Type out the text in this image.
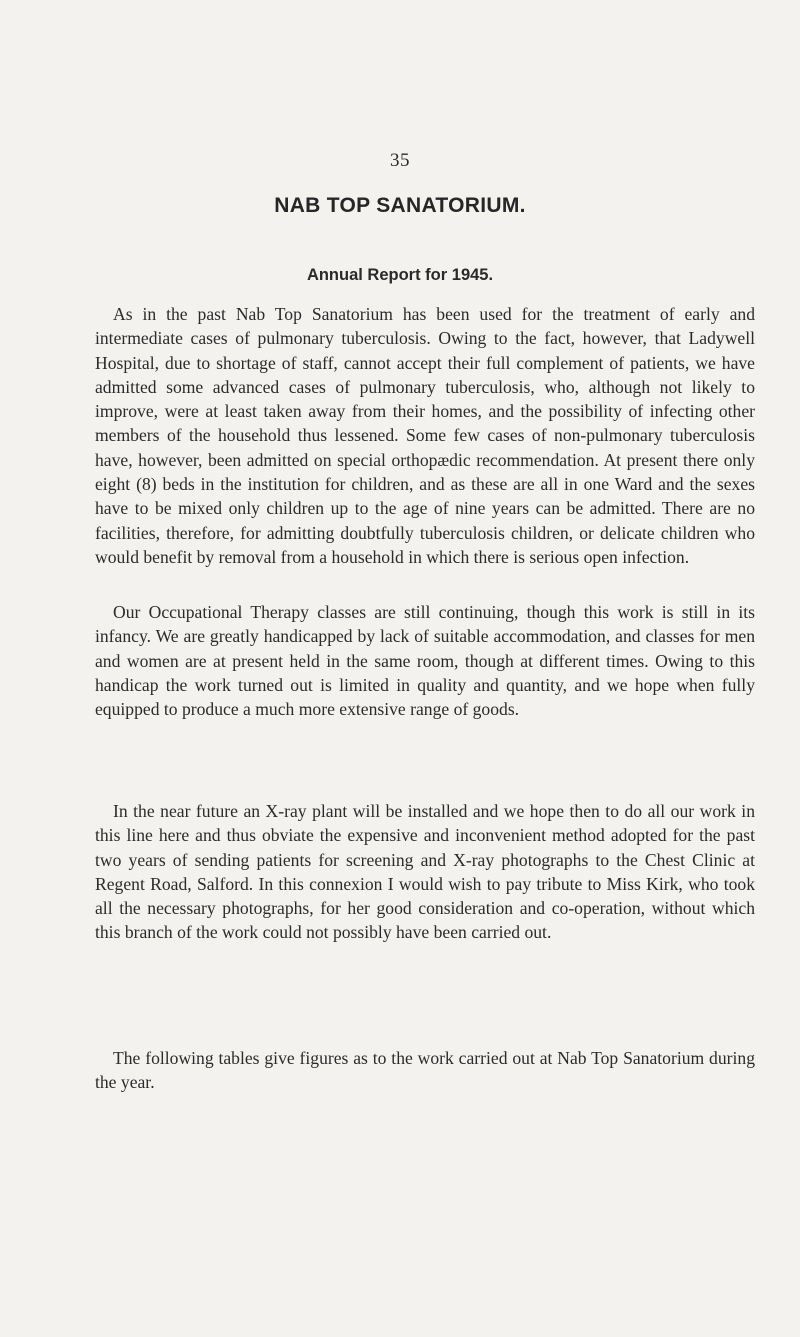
35
NAB TOP SANATORIUM.
Annual Report for 1945.

As in the past Nab Top Sanatorium has been used for the treatment of early and intermediate cases of pulmonary tuberculosis. Owing to the fact, however, that Ladywell Hospital, due to shortage of staff, cannot accept their full complement of patients, we have admitted some advanced cases of pulmonary tuberculosis, who, although not likely to improve, were at least taken away from their homes, and the possibility of infecting other members of the household thus lessened. Some few cases of non-pulmonary tuberculosis have, however, been admitted on special orthopædic recommendation. At present there only eight (8) beds in the institution for children, and as these are all in one Ward and the sexes have to be mixed only children up to the age of nine years can be admitted. There are no facilities, therefore, for admitting doubtfully tuberculosis children, or delicate children who would benefit by removal from a household in which there is serious open infection.

Our Occupational Therapy classes are still continuing, though this work is still in its infancy. We are greatly handicapped by lack of suitable accommodation, and classes for men and women are at present held in the same room, though at different times. Owing to this handicap the work turned out is limited in quality and quantity, and we hope when fully equipped to produce a much more extensive range of goods.

In the near future an X-ray plant will be installed and we hope then to do all our work in this line here and thus obviate the expensive and inconvenient method adopted for the past two years of sending patients for screening and X-ray photographs to the Chest Clinic at Regent Road, Salford. In this connexion I would wish to pay tribute to Miss Kirk, who took all the necessary photographs, for her good consideration and co-operation, without which this branch of the work could not possibly have been carried out.

The following tables give figures as to the work carried out at Nab Top Sanatorium during the year.
